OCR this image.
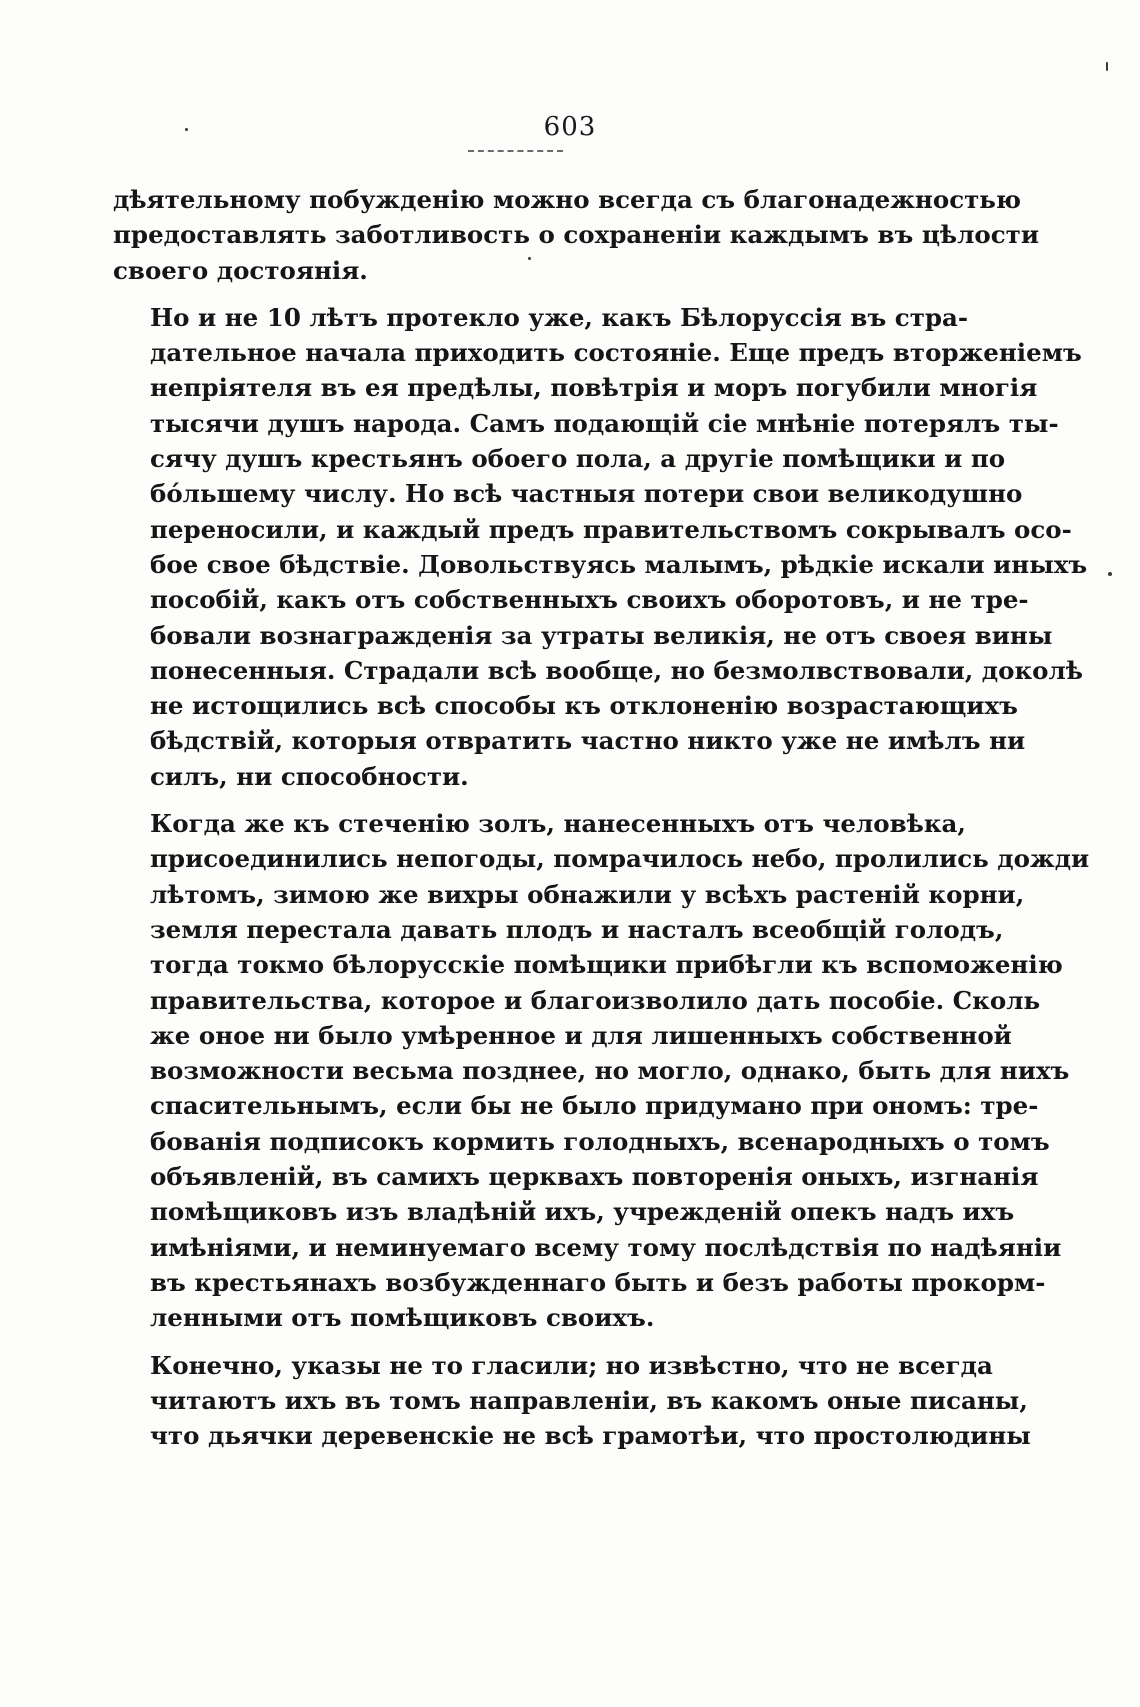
603
дѣятельному побужденію можно всегда съ благонадежностью
предоставлять заботливость о сохраненіи каждымъ въ цѣлости
своего достоянія.
Но и не 10 лѣтъ протекло уже, какъ Бѣлоруссія въ стра-
дательное начала приходить состояніе. Еще предъ вторженіемъ
непріятеля въ ея предѣлы, повѣтрія и моръ погубили многія
тысячи душъ народа. Самъ подающій сіе мнѣніе потерялъ ты-
сячу душъ крестьянъ обоего пола, а другіе помѣщики и по
бо́льшему числу. Но всѣ частныя потери свои великодушно
переносили, и каждый предъ правительствомъ сокрывалъ осо-
бое свое бѣдствіе. Довольствуясь малымъ, рѣдкіе искали иныхъ
пособій, какъ отъ собственныхъ своихъ оборотовъ, и не тре-
бовали вознагражденія за утраты великія, не отъ своея вины
понесенныя. Страдали всѣ вообще, но безмолвствовали, доколѣ
не истощились всѣ способы къ отклоненію возрастающихъ
бѣдствій, которыя отвратить частно никто уже не имѣлъ ни
силъ, ни способности.
Когда же къ стеченію золъ, нанесенныхъ отъ человѣка,
присоединились непогоды, помрачилось небо, пролились дожди
лѣтомъ, зимою же вихры обнажили у всѣхъ растеній корни,
земля перестала давать плодъ и насталъ всеобщій голодъ,
тогда токмо бѣлорусскіе помѣщики прибѣгли къ вспоможенію
правительства, которое и благоизволило дать пособіе. Сколь
же оное ни было умѣренное и для лишенныхъ собственной
возможности весьма позднее, но могло, однако, быть для нихъ
спасительнымъ, если бы не было придумано при ономъ: тре-
бованія подписокъ кормить голодныхъ, всенародныхъ о томъ
объявленій, въ самихъ церквахъ повторенія оныхъ, изгнанія
помѣщиковъ изъ владѣній ихъ, учрежденій опекъ надъ ихъ
имѣніями, и неминуемаго всему тому послѣдствія по надѣяніи
въ крестьянахъ возбужденнаго быть и безъ работы прокорм-
ленными отъ помѣщиковъ своихъ.
Конечно, указы не то гласили; но извѣстно, что не всегда
читаютъ ихъ въ томъ направленіи, въ какомъ оные писаны,
что дьячки деревенскіе не всѣ грамотѣи, что простолюдины
